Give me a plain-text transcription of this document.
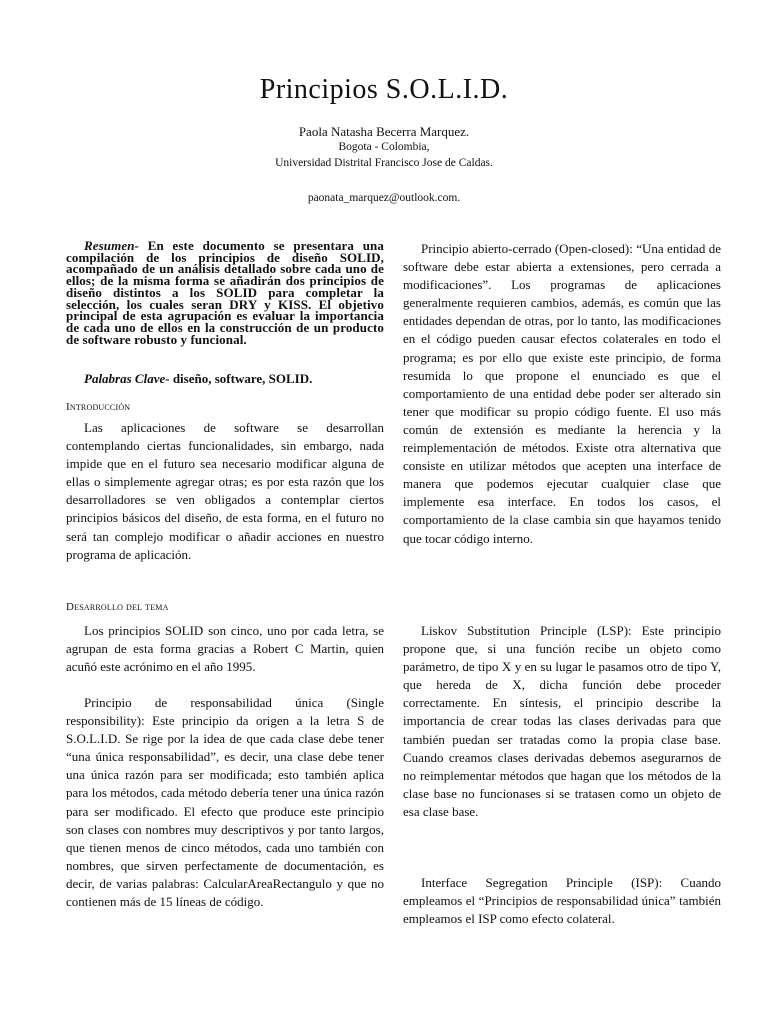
Principios S.O.L.I.D.
Paola Natasha Becerra Marquez.
Bogota - Colombia,
Universidad Distrital Francisco Jose de Caldas.
paonata_marquez@outlook.com.

Resumen- En este documento se presentara una compilación de los principios de diseño SOLID, acompañado de un análisis detallado sobre cada uno de ellos; de la misma forma se añadirán dos principios de diseño distintos a los SOLID para completar la selección, los cuales seran DRY y KISS. El objetivo principal de esta agrupación es evaluar la importancia de cada uno de ellos en la construcción de un producto de software robusto y funcional.

Palabras Clave- diseño, software, SOLID.

Introducción

Las aplicaciones de software se desarrollan contemplando ciertas funcionalidades, sin embargo, nada impide que en el futuro sea necesario modificar alguna de ellas o simplemente agregar otras; es por esta razón que los desarrolladores se ven obligados a contemplar ciertos principios básicos del diseño, de esta forma, en el futuro no será tan complejo modificar o añadir acciones en nuestro programa de aplicación.

Desarrollo del tema

Los principios SOLID son cinco, uno por cada letra, se agrupan de esta forma gracias a Robert C Martin, quien acuñó este acrónimo en el año 1995.

Principio de responsabilidad única (Single responsibility): Este principio da origen a la letra S de S.O.L.I.D. Se rige por la idea de que cada clase debe tener “una única responsabilidad”, es decir, una clase debe tener una única razón para ser modificada; esto también aplica para los métodos, cada método debería tener una única razón para ser modificado. El efecto que produce este principio son clases con nombres muy descriptivos y por tanto largos, que tienen menos de cinco métodos, cada uno también con nombres, que sirven perfectamente de documentación, es decir, de varias palabras: CalcularAreaRectangulo y que no contienen más de 15 líneas de código.

Principio abierto-cerrado (Open-closed): “Una entidad de software debe estar abierta a extensiones, pero cerrada a modificaciones”. Los programas de aplicaciones generalmente requieren cambios, además, es común que las entidades dependan de otras, por lo tanto, las modificaciones en el código pueden causar efectos colaterales en todo el programa; es por ello que existe este principio, de forma resumida lo que propone el enunciado es que el comportamiento de una entidad debe poder ser alterado sin tener que modificar su propio código fuente. El uso más común de extensión es mediante la herencia y la reimplementación de métodos. Existe otra alternativa que consiste en utilizar métodos que acepten una interface de manera que podemos ejecutar cualquier clase que implemente esa interface. En todos los casos, el comportamiento de la clase cambia sin que hayamos tenido que tocar código interno.

Liskov Substitution Principle (LSP): Este principio propone que, si una función recibe un objeto como parámetro, de tipo X y en su lugar le pasamos otro de tipo Y, que hereda de X, dicha función debe proceder correctamente. En síntesis, el principio describe la importancia de crear todas las clases derivadas para que también puedan ser tratadas como la propia clase base. Cuando creamos clases derivadas debemos asegurarnos de no reimplementar métodos que hagan que los métodos de la clase base no funcionases si se tratasen como un objeto de esa clase base.

Interface Segregation Principle (ISP): Cuando empleamos el “Principios de responsabilidad única” también empleamos el ISP como efecto colateral.
